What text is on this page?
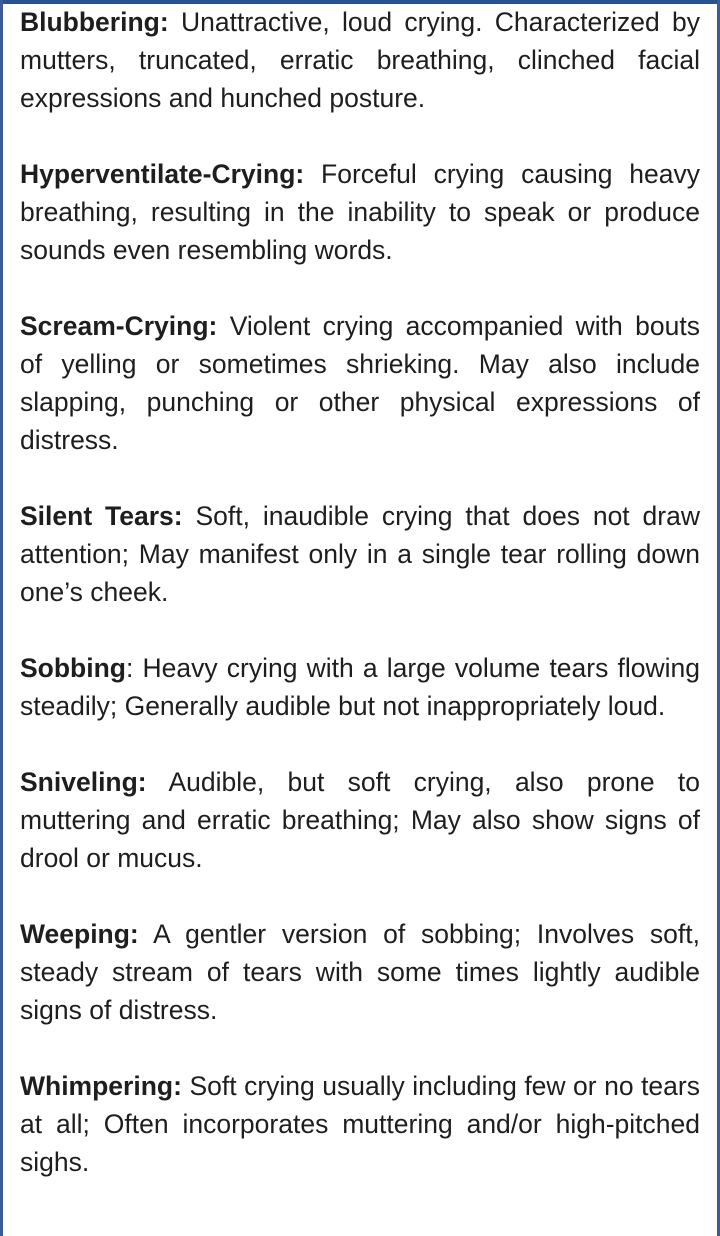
Blubbering: Unattractive, loud crying. Characterized by mutters, truncated, erratic breathing, clinched facial expressions and hunched posture.

Hyperventilate-Crying: Forceful crying causing heavy breathing, resulting in the inability to speak or produce sounds even resembling words.

Scream-Crying: Violent crying accompanied with bouts of yelling or sometimes shrieking. May also include slapping, punching or other physical expressions of distress.

Silent Tears: Soft, inaudible crying that does not draw attention; May manifest only in a single tear rolling down one’s cheek.

Sobbing: Heavy crying with a large volume tears flowing steadily; Generally audible but not inappropriately loud.

Sniveling: Audible, but soft crying, also prone to muttering and erratic breathing; May also show signs of drool or mucus.

Weeping: A gentler version of sobbing; Involves soft, steady stream of tears with some times lightly audible signs of distress.

Whimpering: Soft crying usually including few or no tears at all; Often incorporates muttering and/or high-pitched sighs.
